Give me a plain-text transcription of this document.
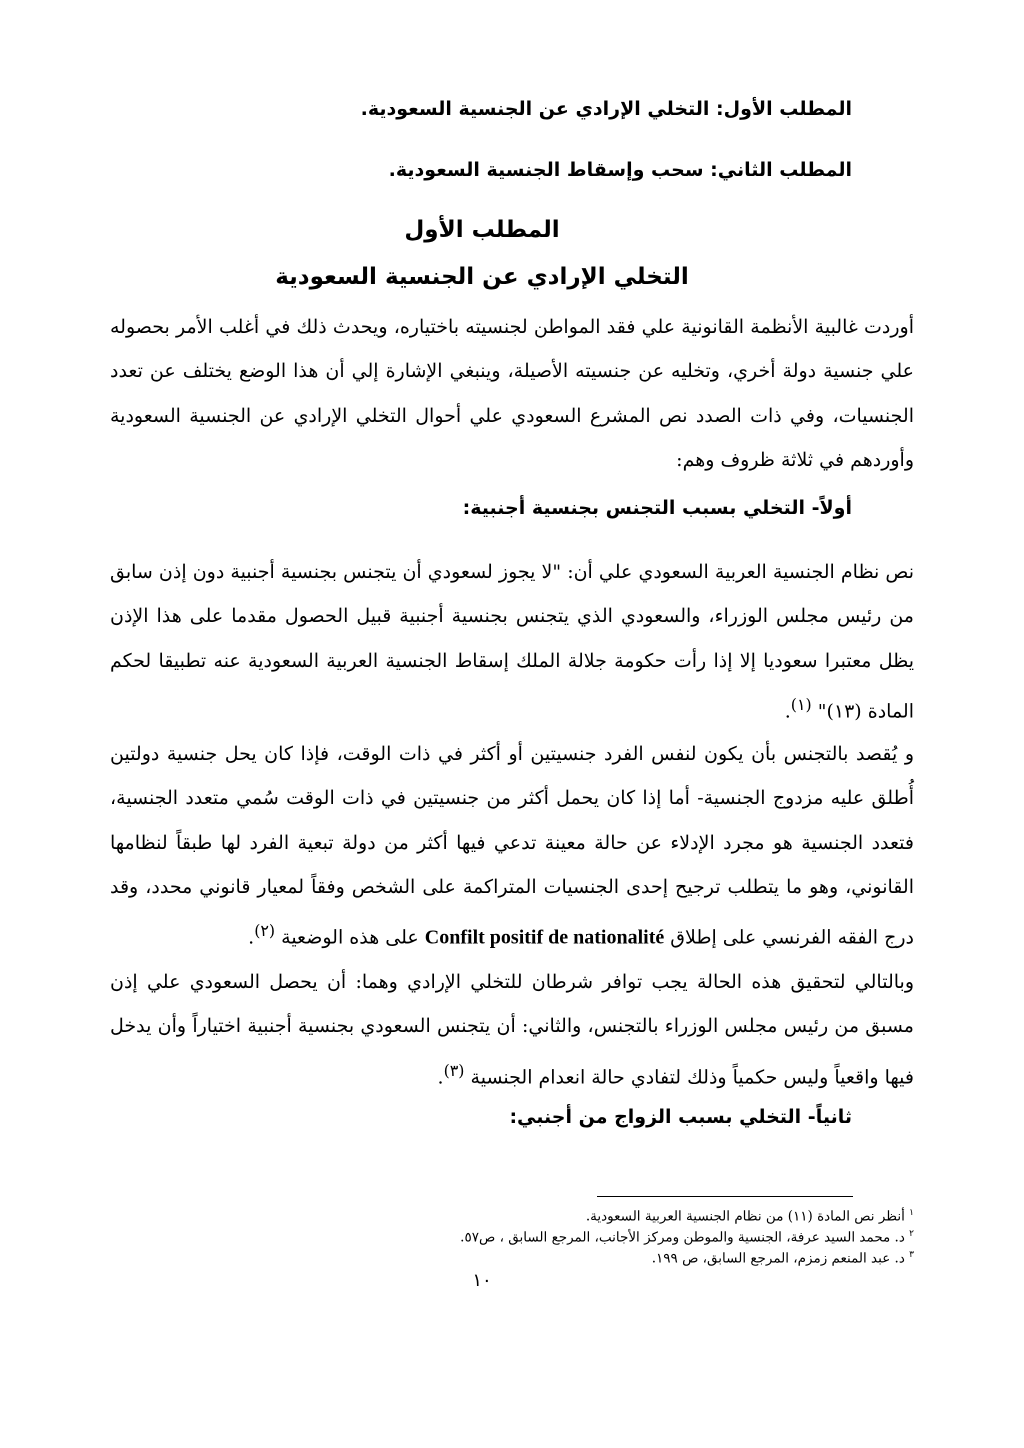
المطلب الأول: التخلي الإرادي عن الجنسية السعودية.
المطلب الثاني: سحب وإسقاط الجنسية السعودية.
المطلب الأول
التخلي الإرادي عن الجنسية السعودية

أوردت غالبية الأنظمة القانونية علي فقد المواطن لجنسيته باختياره، ويحدث ذلك في أغلب الأمر بحصوله علي جنسية دولة أخري، وتخليه عن جنسيته الأصيلة، وينبغي الإشارة إلي أن هذا الوضع يختلف عن تعدد الجنسيات، وفي ذات الصدد نص المشرع السعودي علي أحوال التخلي الإرادي عن الجنسية السعودية وأوردهم في ثلاثة ظروف وهم:

أولاً- التخلي بسبب التجنس بجنسية أجنبية:

نص نظام الجنسية العربية السعودي علي أن: "لا يجوز لسعودي أن يتجنس بجنسية أجنبية دون إذن سابق من رئيس مجلس الوزراء، والسعودي الذي يتجنس بجنسية أجنبية قبيل الحصول مقدما على هذا الإذن يظل معتبرا سعوديا إلا إذا رأت حكومة جلالة الملك إسقاط الجنسية العربية السعودية عنه تطبيقا لحكم المادة (١٣)" $^{(١)}$.

و يُقصد بالتجنس بأن يكون لنفس الفرد جنسيتين أو أكثر في ذات الوقت، فإذا كان يحل جنسية دولتين أُطلق عليه مزدوج الجنسية- أما إذا كان يحمل أكثر من جنسيتين في ذات الوقت سُمي متعدد الجنسية، فتعدد الجنسية هو مجرد الإدلاء عن حالة معينة تدعي فيها أكثر من دولة تبعية الفرد لها طبقاً لنظامها القانوني، وهو ما يتطلب ترجيح إحدى الجنسيات المتراكمة على الشخص وفقاً لمعيار قانوني محدد، وقد درج الفقه الفرنسي على إطلاق Confilt positif de nationalité على هذه الوضعية $^{(٢)}$.

وبالتالي لتحقيق هذه الحالة يجب توافر شرطان للتخلي الإرادي وهما: أن يحصل السعودي علي إذن مسبق من رئيس مجلس الوزراء بالتجنس، والثاني: أن يتجنس السعودي بجنسية أجنبية اختياراً وأن يدخل فيها واقعياً وليس حكمياً وذلك لتفادي حالة انعدام الجنسية $^{(٣)}$.

ثانياً- التخلي بسبب الزواج من أجنبي:
$^١$ أنظر نص المادة (١١) من نظام الجنسية العربية السعودية.
$^٢$ د. محمد السيد عرفة، الجنسية والموطن ومركز الأجانب، المرجع السابق ، ص٥٧.
$^٣$ د. عبد المنعم زمزم، المرجع السابق، ص ١٩٩.
١٠
